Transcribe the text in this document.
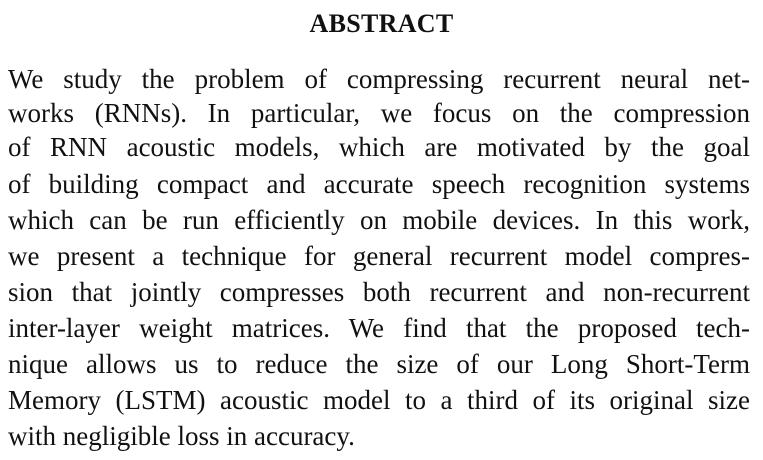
ABSTRACT
We study the problem of compressing recurrent neural net-
works (RNNs). In particular, we focus on the compression
of RNN acoustic models, which are motivated by the goal
of building compact and accurate speech recognition systems
which can be run efficiently on mobile devices. In this work,
we present a technique for general recurrent model compres-
sion that jointly compresses both recurrent and non-recurrent
inter-layer weight matrices. We find that the proposed tech-
nique allows us to reduce the size of our Long Short-Term
Memory (LSTM) acoustic model to a third of its original size
with negligible loss in accuracy.
